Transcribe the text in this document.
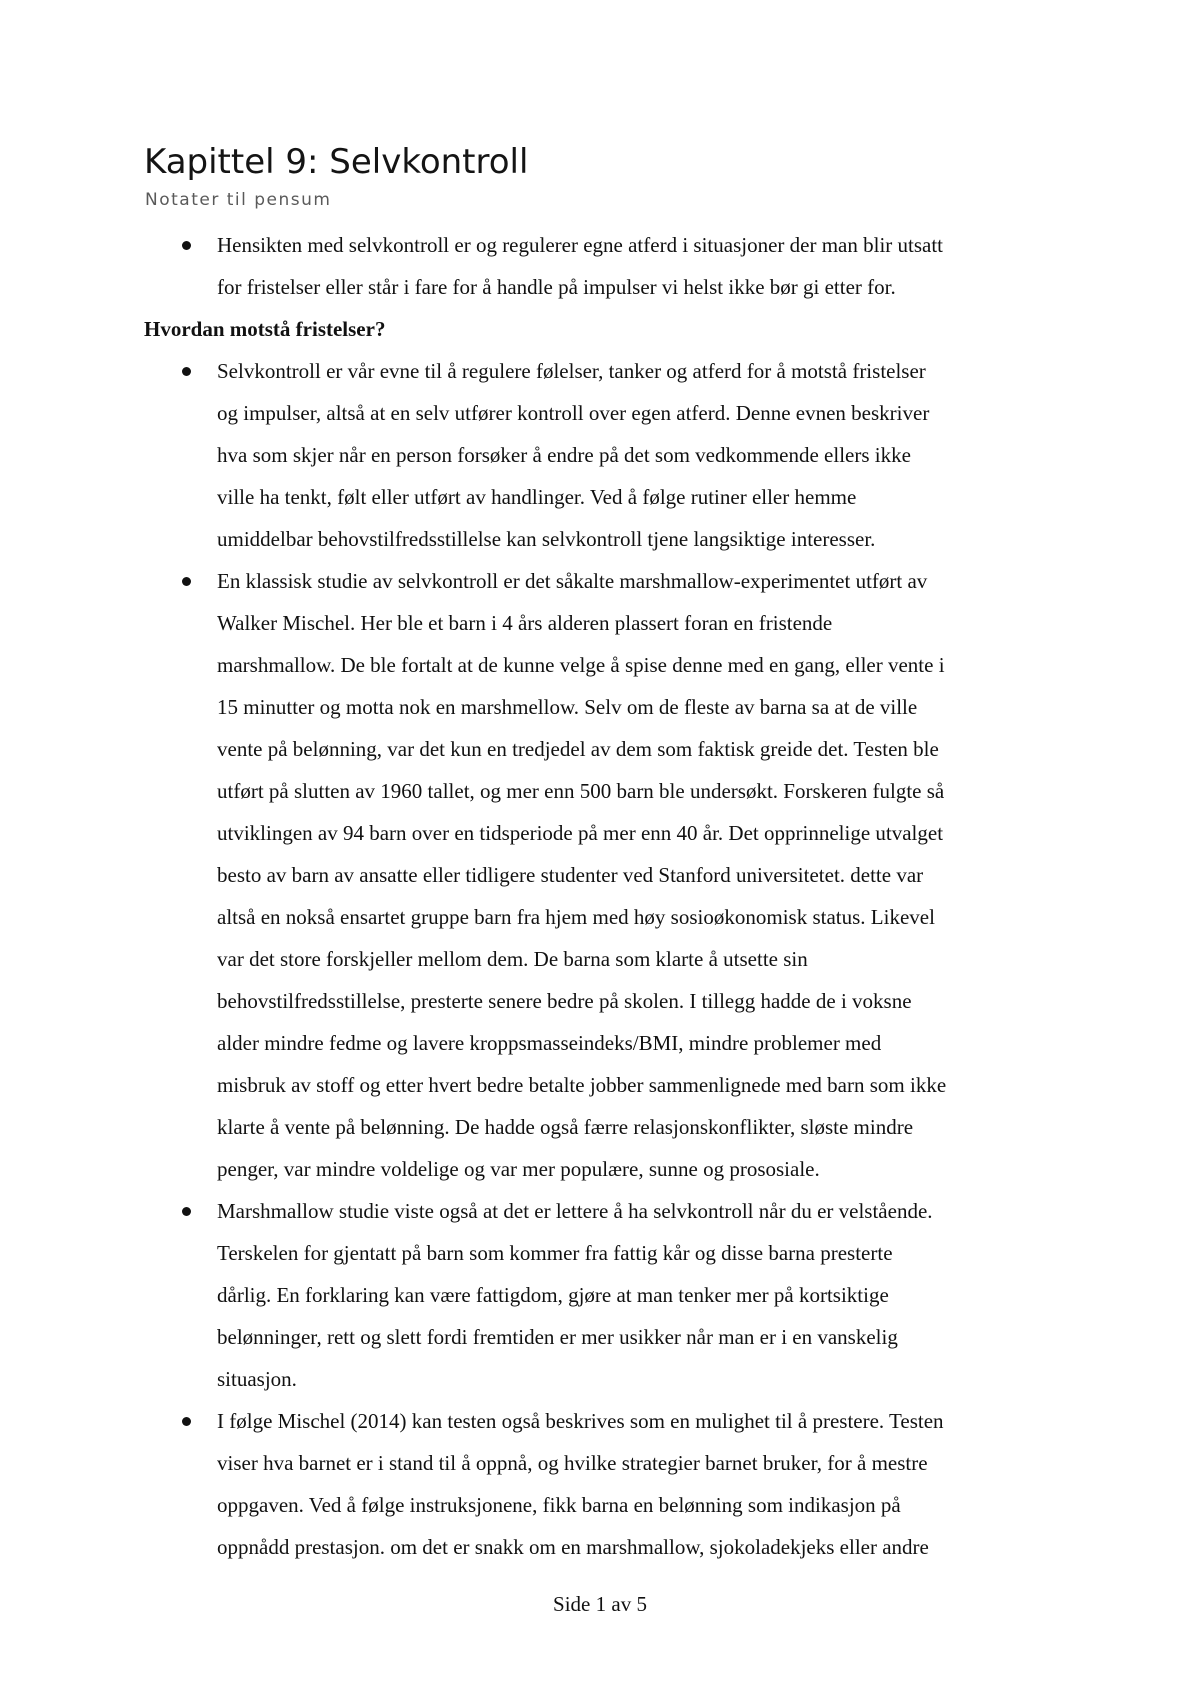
Kapittel 9: Selvkontroll

Notater til pensum

Hensikten med selvkontroll er og regulerer egne atferd i situasjoner der man blir utsatt
for fristelser eller står i fare for å handle på impulser vi helst ikke bør gi etter for.

Hvordan motstå fristelser?

Selvkontroll er vår evne til å regulere følelser, tanker og atferd for å motstå fristelser
og impulser, altså at en selv utfører kontroll over egen atferd. Denne evnen beskriver
hva som skjer når en person forsøker å endre på det som vedkommende ellers ikke
ville ha tenkt, følt eller utført av handlinger. Ved å følge rutiner eller hemme
umiddelbar behovstilfredsstillelse kan selvkontroll tjene langsiktige interesser.
En klassisk studie av selvkontroll er det såkalte marshmallow-experimentet utført av
Walker Mischel. Her ble et barn i 4 års alderen plassert foran en fristende
marshmallow. De ble fortalt at de kunne velge å spise denne med en gang, eller vente i
15 minutter og motta nok en marshmellow. Selv om de fleste av barna sa at de ville
vente på belønning, var det kun en tredjedel av dem som faktisk greide det. Testen ble
utført på slutten av 1960 tallet, og mer enn 500 barn ble undersøkt. Forskeren fulgte så
utviklingen av 94 barn over en tidsperiode på mer enn 40 år. Det opprinnelige utvalget
besto av barn av ansatte eller tidligere studenter ved Stanford universitetet. dette var
altså en nokså ensartet gruppe barn fra hjem med høy sosioøkonomisk status. Likevel
var det store forskjeller mellom dem. De barna som klarte å utsette sin
behovstilfredsstillelse, presterte senere bedre på skolen. I tillegg hadde de i voksne
alder mindre fedme og lavere kroppsmasseindeks/BMI, mindre problemer med
misbruk av stoff og etter hvert bedre betalte jobber sammenlignede med barn som ikke
klarte å vente på belønning. De hadde også færre relasjonskonflikter, sløste mindre
penger, var mindre voldelige og var mer populære, sunne og prososiale.
Marshmallow studie viste også at det er lettere å ha selvkontroll når du er velstående.
Terskelen for gjentatt på barn som kommer fra fattig kår og disse barna presterte
dårlig. En forklaring kan være fattigdom, gjøre at man tenker mer på kortsiktige
belønninger, rett og slett fordi fremtiden er mer usikker når man er i en vanskelig
situasjon.
I følge Mischel (2014) kan testen også beskrives som en mulighet til å prestere. Testen
viser hva barnet er i stand til å oppnå, og hvilke strategier barnet bruker, for å mestre
oppgaven. Ved å følge instruksjonene, fikk barna en belønning som indikasjon på
oppnådd prestasjon. om det er snakk om en marshmallow, sjokoladekjeks eller andre
Side 1 av 5
